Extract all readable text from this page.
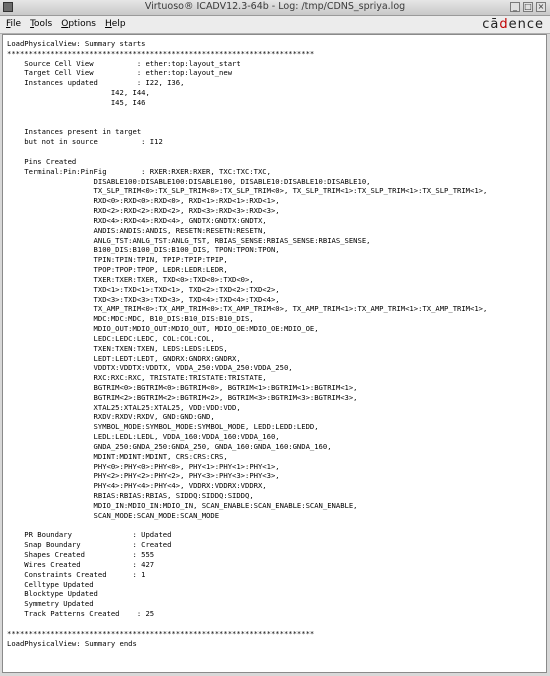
Virtuoso® ICADV12.3-64b - Log: /tmp/CDNS_spriya.log	_ □ ×
File Tools Options Help	cādence
LoadPhysicalView: Summary starts
***********************************************************************
Source Cell View          : ether:top:layout_start
Target Cell View          : ether:top:layout_new
Instances updated         : I22, I36,
I42, I44,
I45, I46

Instances present in target
but not in source          : I12

Pins Created
Terminal:Pin:PinFig        : RXER:RXER:RXER, TXC:TXC:TXC,
DISABLE100:DISABLE100:DISABLE100, DISABLE10:DISABLE10:DISABLE10,
TX_SLP_TRIM<0>:TX_SLP_TRIM<0>:TX_SLP_TRIM<0>, TX_SLP_TRIM<1>:TX_SLP_TRIM<1>:TX_SLP_TRIM<1>,
RXD<0>:RXD<0>:RXD<0>, RXD<1>:RXD<1>:RXD<1>,
RXD<2>:RXD<2>:RXD<2>, RXD<3>:RXD<3>:RXD<3>,
RXD<4>:RXD<4>:RXD<4>, GNDTX:GNDTX:GNDTX,
ANDIS:ANDIS:ANDIS, RESETN:RESETN:RESETN,
ANLG_TST:ANLG_TST:ANLG_TST, RBIAS_SENSE:RBIAS_SENSE:RBIAS_SENSE,
B100_DIS:B100_DIS:B100_DIS, TPON:TPON:TPON,
TPIN:TPIN:TPIN, TPIP:TPIP:TPIP,
TPOP:TPOP:TPOP, LEDR:LEDR:LEDR,
TXER:TXER:TXER, TXD<0>:TXD<0>:TXD<0>,
TXD<1>:TXD<1>:TXD<1>, TXD<2>:TXD<2>:TXD<2>,
TXD<3>:TXD<3>:TXD<3>, TXD<4>:TXD<4>:TXD<4>,
TX_AMP_TRIM<0>:TX_AMP_TRIM<0>:TX_AMP_TRIM<0>, TX_AMP_TRIM<1>:TX_AMP_TRIM<1>:TX_AMP_TRIM<1>,
MDC:MDC:MDC, B10_DIS:B10_DIS:B10_DIS,
MDIO_OUT:MDIO_OUT:MDIO_OUT, MDIO_OE:MDIO_OE:MDIO_OE,
LEDC:LEDC:LEDC, COL:COL:COL,
TXEN:TXEN:TXEN, LEDS:LEDS:LEDS,
LEDT:LEDT:LEDT, GNDRX:GNDRX:GNDRX,
VDDTX:VDDTX:VDDTX, VDDA_250:VDDA_250:VDDA_250,
RXC:RXC:RXC, TRISTATE:TRISTATE:TRISTATE,
BGTRIM<0>:BGTRIM<0>:BGTRIM<0>, BGTRIM<1>:BGTRIM<1>:BGTRIM<1>,
BGTRIM<2>:BGTRIM<2>:BGTRIM<2>, BGTRIM<3>:BGTRIM<3>:BGTRIM<3>,
XTAL25:XTAL25:XTAL25, VDD:VDD:VDD,
RXDV:RXDV:RXDV, GND:GND:GND,
SYMBOL_MODE:SYMBOL_MODE:SYMBOL_MODE, LEDD:LEDD:LEDD,
LEDL:LEDL:LEDL, VDDA_160:VDDA_160:VDDA_160,
GNDA_250:GNDA_250:GNDA_250, GNDA_160:GNDA_160:GNDA_160,
MDINT:MDINT:MDINT, CRS:CRS:CRS,
PHY<0>:PHY<0>:PHY<0>, PHY<1>:PHY<1>:PHY<1>,
PHY<2>:PHY<2>:PHY<2>, PHY<3>:PHY<3>:PHY<3>,
PHY<4>:PHY<4>:PHY<4>, VDDRX:VDDRX:VDDRX,
RBIAS:RBIAS:RBIAS, SIDDQ:SIDDQ:SIDDQ,
MDIO_IN:MDIO_IN:MDIO_IN, SCAN_ENABLE:SCAN_ENABLE:SCAN_ENABLE,
SCAN_MODE:SCAN_MODE:SCAN_MODE

PR Boundary              : Updated
Snap Boundary            : Created
Shapes Created           : 555
Wires Created            : 427
Constraints Created      : 1
Celltype Updated
Blocktype Updated
Symmetry Updated
Track Patterns Created    : 25

***********************************************************************
LoadPhysicalView: Summary ends
